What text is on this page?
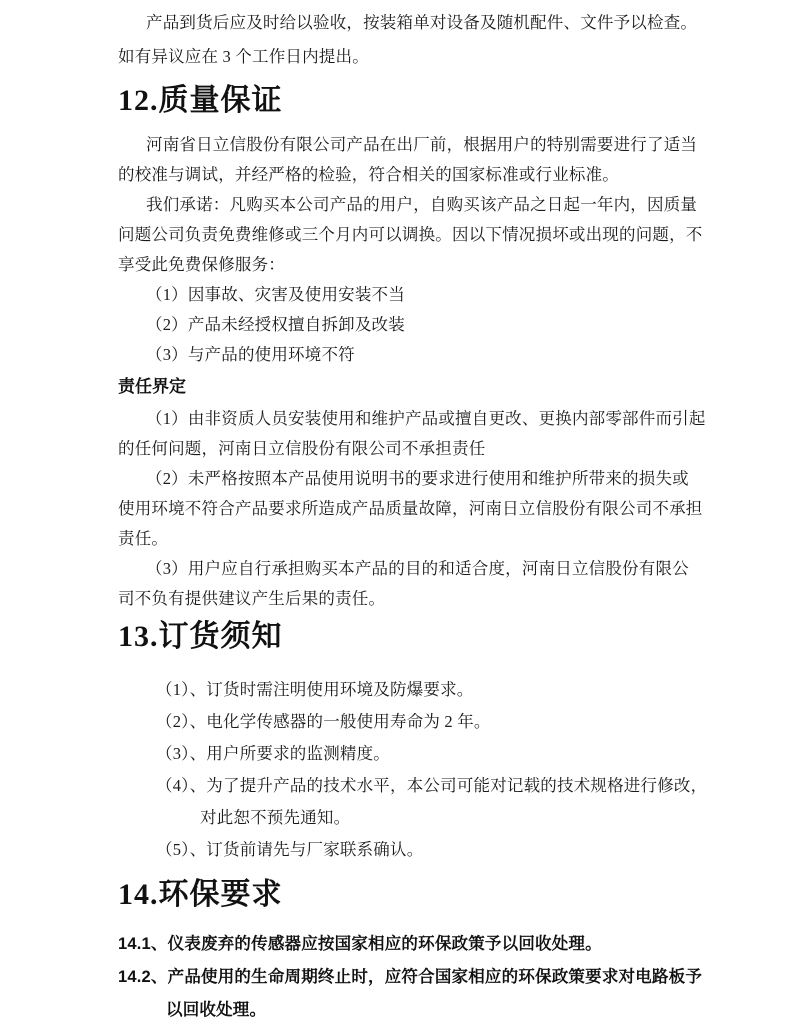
产品到货后应及时给以验收，按装箱单对设备及随机配件、文件予以检查。
如有异议应在 3 个工作日内提出。
12.质量保证
河南省日立信股份有限公司产品在出厂前，根据用户的特别需要进行了适当
的校准与调试，并经严格的检验，符合相关的国家标准或行业标准。
我们承诺：凡购买本公司产品的用户，自购买该产品之日起一年内，因质量
问题公司负责免费维修或三个月内可以调换。因以下情况损坏或出现的问题，不
享受此免费保修服务：
（1）因事故、灾害及使用安装不当
（2）产品未经授权擅自拆卸及改装
（3）与产品的使用环境不符
责任界定
（1）由非资质人员安装使用和维护产品或擅自更改、更换内部零部件而引起
的任何问题，河南日立信股份有限公司不承担责任
（2）未严格按照本产品使用说明书的要求进行使用和维护所带来的损失或
使用环境不符合产品要求所造成产品质量故障，河南日立信股份有限公司不承担
责任。
（3）用户应自行承担购买本产品的目的和适合度，河南日立信股份有限公
司不负有提供建议产生后果的责任。
13.订货须知
（1）、订货时需注明使用环境及防爆要求。
（2）、电化学传感器的一般使用寿命为 2 年。
（3）、用户所要求的监测精度。
（4）、为了提升产品的技术水平，本公司可能对记载的技术规格进行修改，
对此恕不预先通知。
（5）、订货前请先与厂家联系确认。
14.环保要求
14.1、仪表废弃的传感器应按国家相应的环保政策予以回收处理。
14.2、产品使用的生命周期终止时，应符合国家相应的环保政策要求对电路板予
以回收处理。
